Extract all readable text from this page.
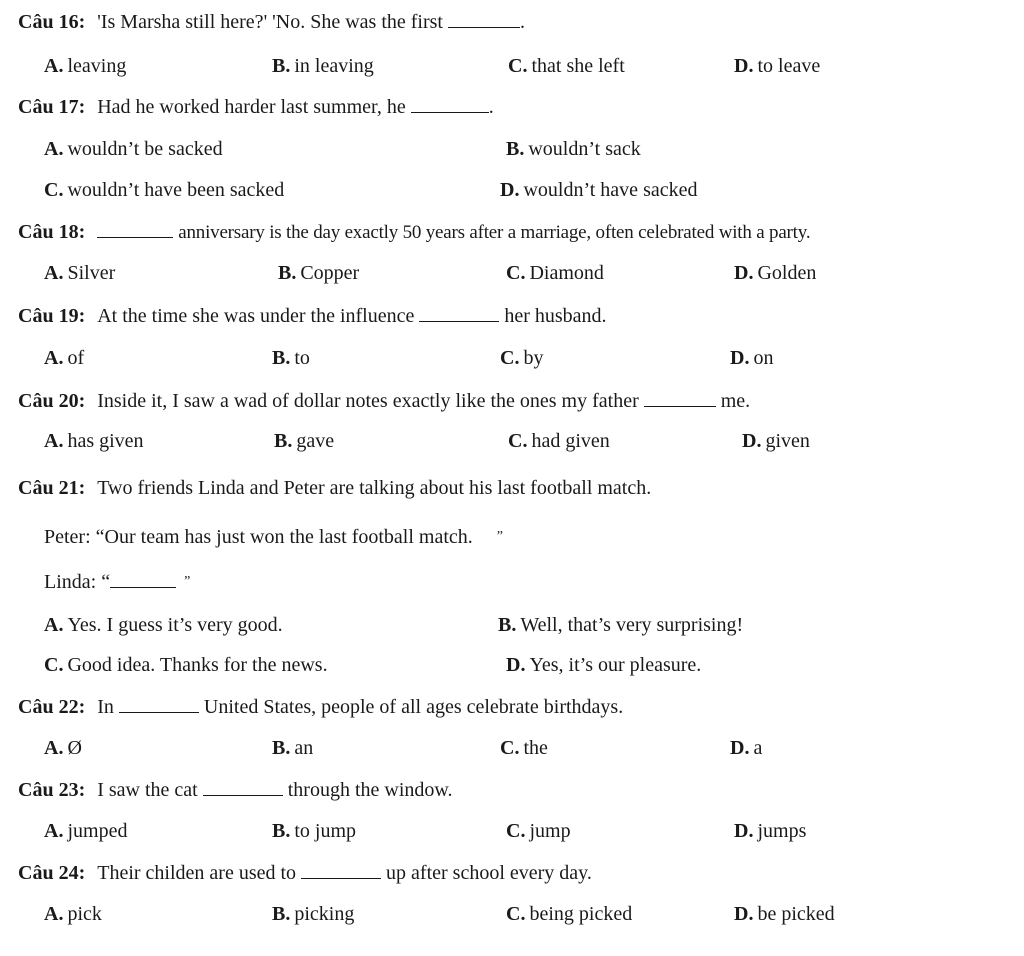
Câu 16: 'Is Marsha still here?' 'No. She was the first	.
A. leaving	B. in leaving	C. that she left	D. to leave
Câu 17: Had he worked harder last summer, he	.
A. wouldn’t be sacked	B. wouldn’t sack
C. wouldn’t have been sacked	D. wouldn’t have sacked
Câu 18:	anniversary is the day exactly 50 years after a marriage, often celebrated with a party.
A. Silver	B. Copper	C. Diamond	D. Golden
Câu 19: At the time she was under the influence	her husband.
A. of	B. to	C. by	D. on
Câu 20: Inside it, I saw a wad of dollar notes exactly like the ones my father	me.
A. has given	B. gave	C. had given	D. given
Câu 21: Two friends Linda and Peter are talking about his last football match.
Peter: “Our team has just won the last football match. ”
Linda: “	”
A. Yes. I guess it’s very good.	B. Well, that’s very surprising!
C. Good idea. Thanks for the news.	D. Yes, it’s our pleasure.
Câu 22: In	United States, people of all ages celebrate birthdays.
A. Ø	B. an	C. the	D. a
Câu 23: I saw the cat	through the window.
A. jumped	B. to jump	C. jump	D. jumps
Câu 24: Their childen are used to	up after school every day.
A. pick	B. picking	C. being picked	D. be picked
